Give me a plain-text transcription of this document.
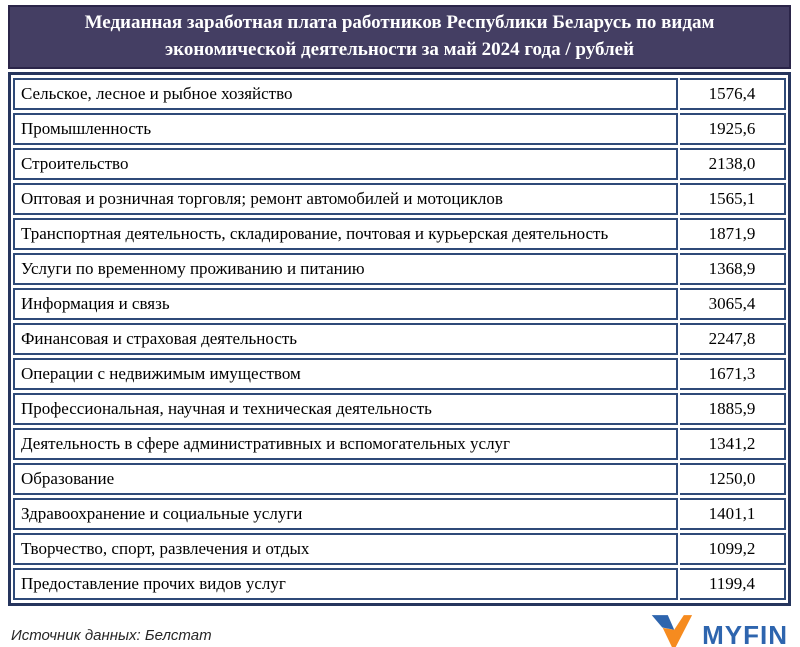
Медианная заработная плата работников Республики Беларусь по видам экономической деятельности за май 2024 года / рублей
Сельское, лесное и рыбное хозяйство	1576,4
Промышленность	1925,6
Строительство	2138,0
Оптовая и розничная торговля; ремонт автомобилей и мотоциклов	1565,1
Транспортная деятельность, складирование, почтовая и курьерская деятельность	1871,9
Услуги по временному проживанию и питанию	1368,9
Информация и связь	3065,4
Финансовая и страховая деятельность	2247,8
Операции с недвижимым имуществом	1671,3
Профессиональная, научная и техническая деятельность	1885,9
Деятельность в сфере административных и вспомогательных услуг	1341,2
Образование	1250,0
Здравоохранение и социальные услуги	1401,1
Творчество, спорт, развлечения и отдых	1099,2
Предоставление прочих видов услуг	1199,4
Источник данных: Белстат	MYFIN
